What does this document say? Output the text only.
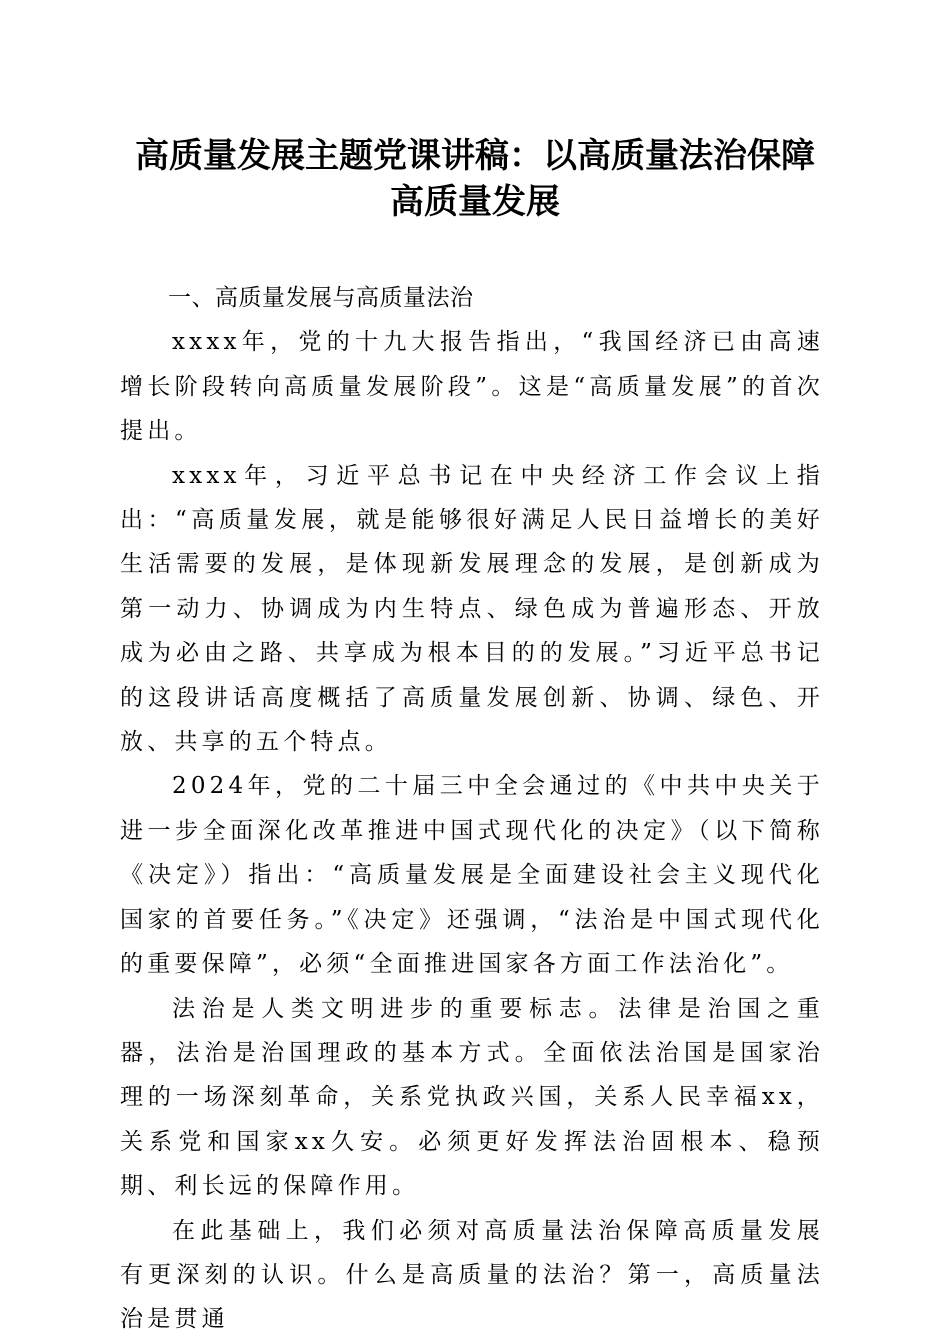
高质量发展主题党课讲稿：以高质量法治保障
高质量发展
一、高质量发展与高质量法治

xxxx年，党的十九大报告指出，“我国经济已由高速增长阶段转向高质量发展阶段”。这是“高质量发展”的首次提出。

xxxx年，习近平总书记在中央经济工作会议上指出：“高质量发展，就是能够很好满足人民日益增长的美好生活需要的发展，是体现新发展理念的发展，是创新成为第一动力、协调成为内生特点、绿色成为普遍形态、开放成为必由之路、共享成为根本目的的发展。”习近平总书记的这段讲话高度概括了高质量发展创新、协调、绿色、开放、共享的五个特点。

2024年，党的二十届三中全会通过的《中共中央关于进一步全面深化改革推进中国式现代化的决定》（以下简称《决定》）指出：“高质量发展是全面建设社会主义现代化国家的首要任务。”《决定》还强调，“法治是中国式现代化的重要保障”，必须“全面推进国家各方面工作法治化”。

法治是人类文明进步的重要标志。法律是治国之重器，法治是治国理政的基本方式。全面依法治国是国家治理的一场深刻革命，关系党执政兴国，关系人民幸福xx，关系党和国家xx久安。必须更好发挥法治固根本、稳预期、利长远的保障作用。

在此基础上，我们必须对高质量法治保障高质量发展有更深刻的认识。什么是高质量的法治？第一，高质量法治是贯通
